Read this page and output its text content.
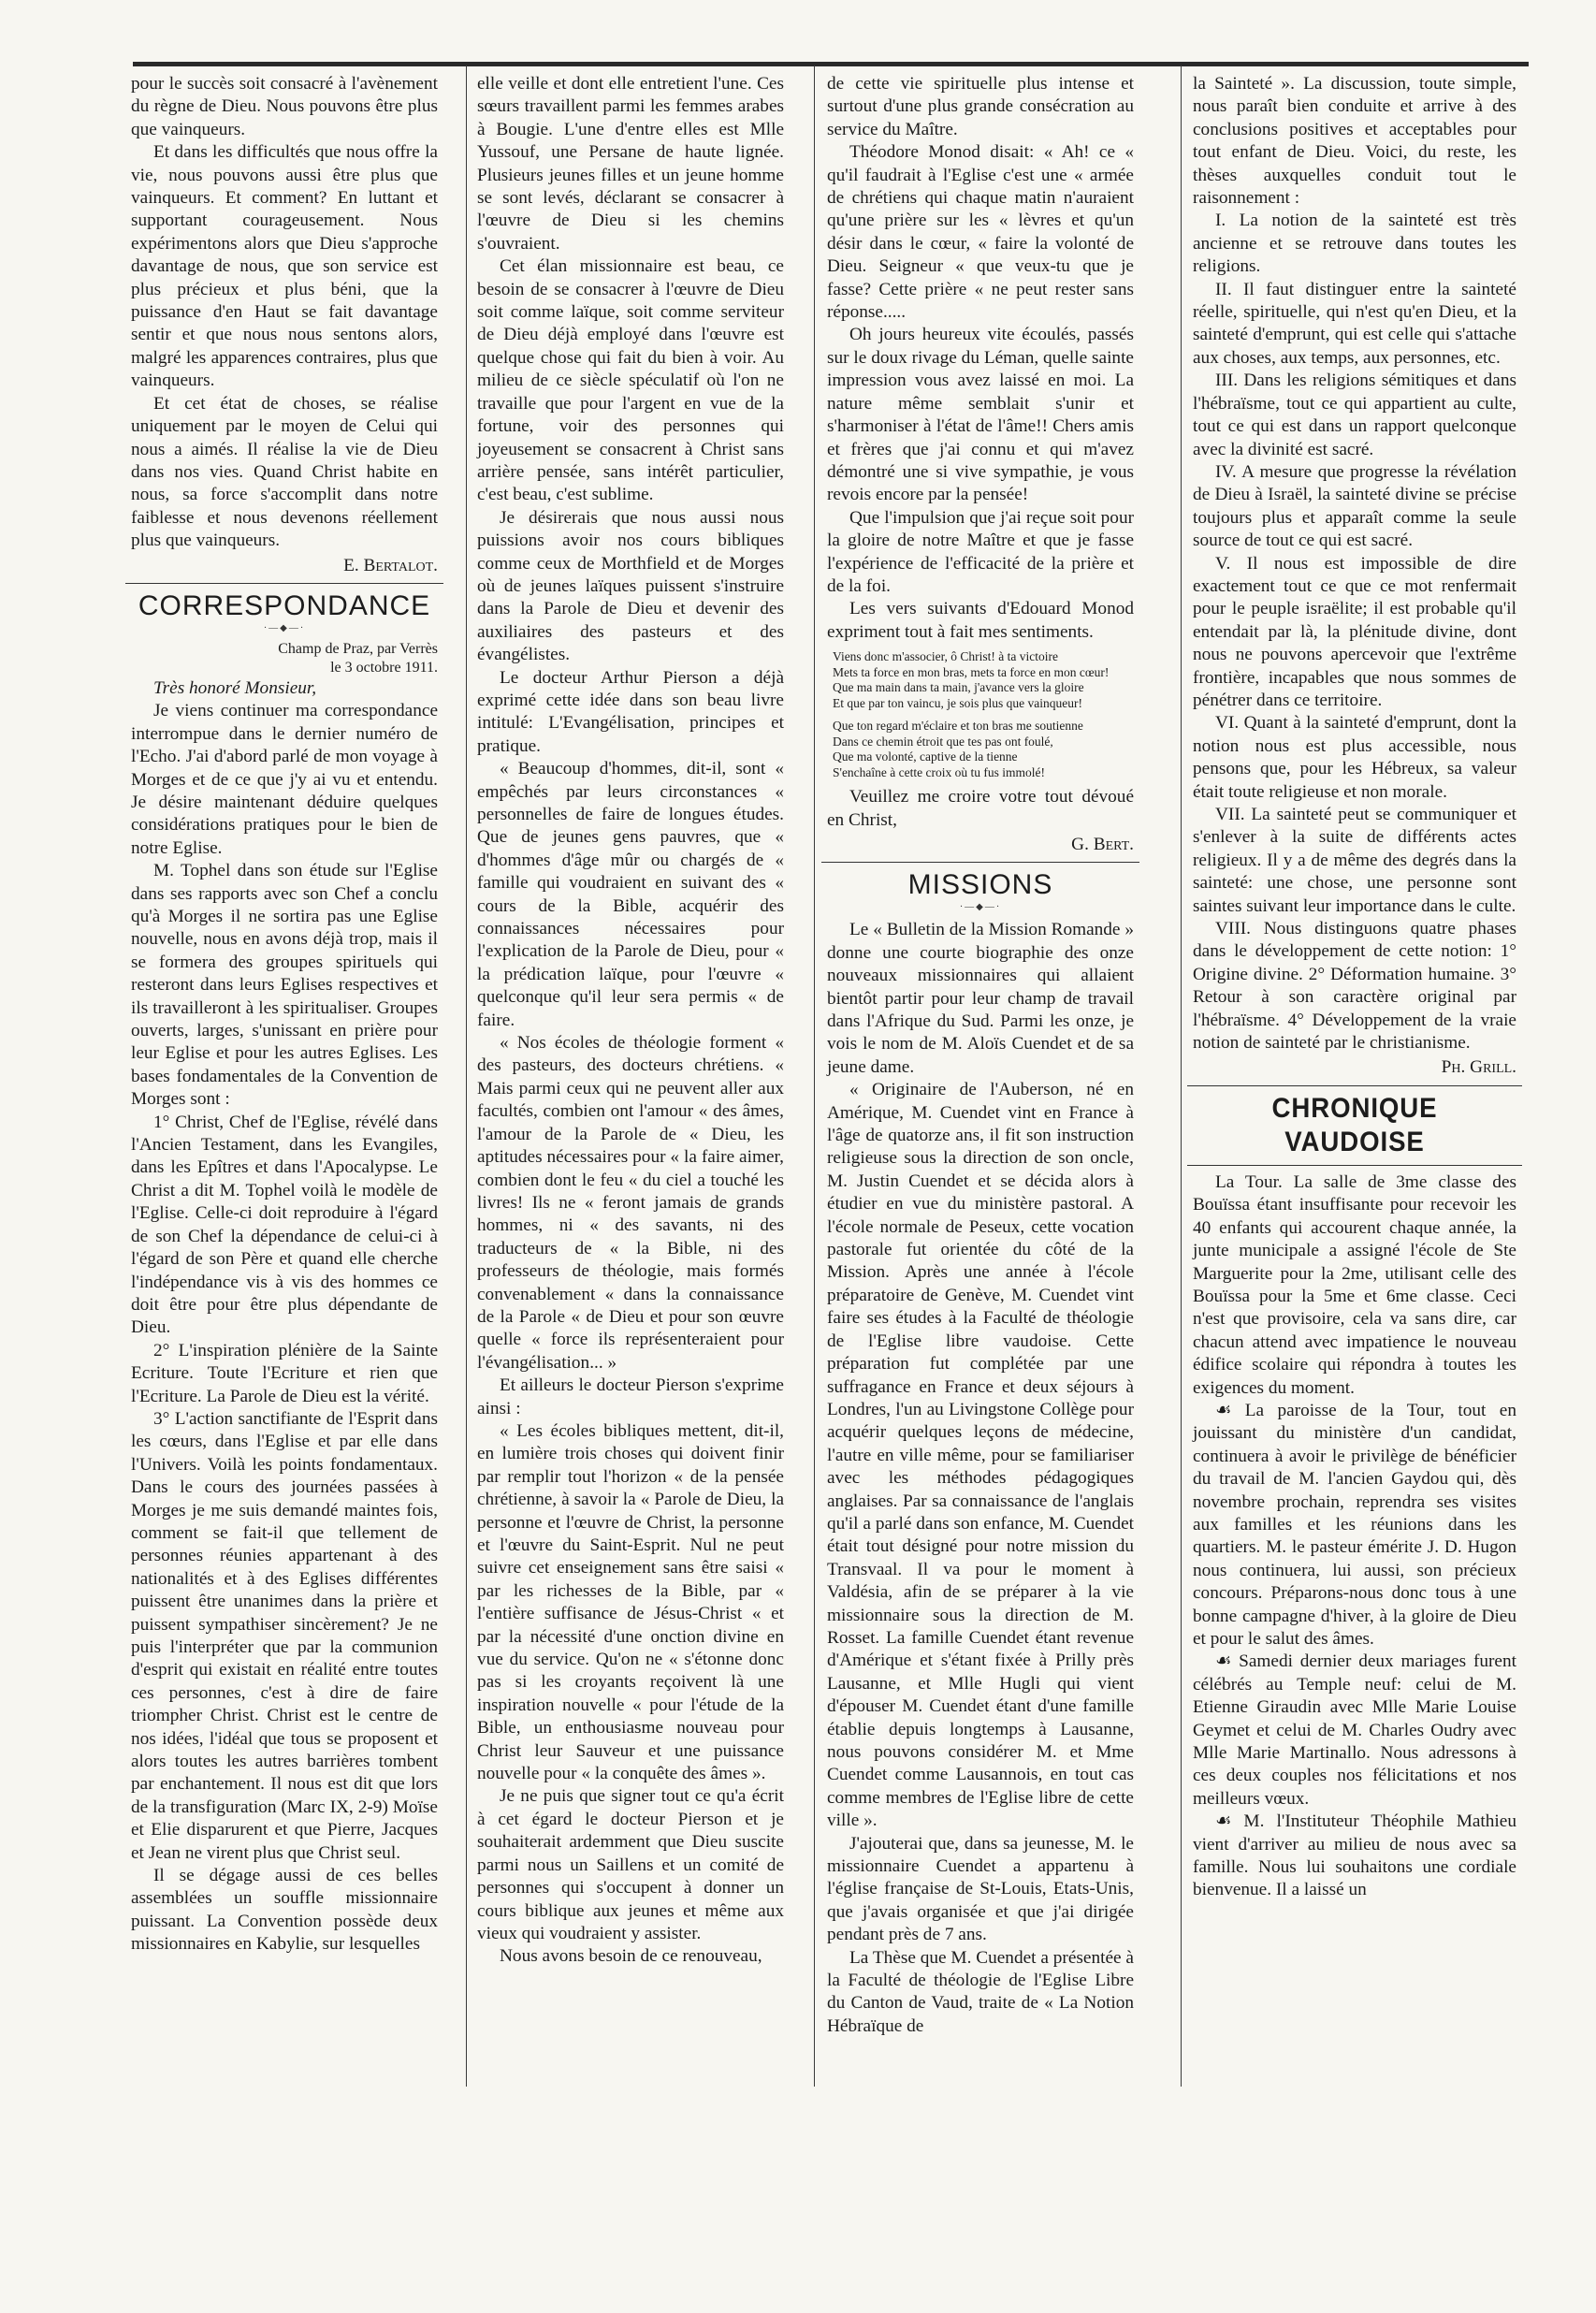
pour le succès soit consacré à l'avènement du règne de Dieu. Nous pouvons être plus que vainqueurs.

Et dans les difficultés que nous offre la vie, nous pouvons aussi être plus que vainqueurs. Et comment? En luttant et supportant courageusement. Nous expérimentons alors que Dieu s'approche davantage de nous, que son service est plus précieux et plus béni, que la puissance d'en Haut se fait davantage sentir et que nous nous sentons alors, malgré les apparences contraires, plus que vainqueurs.

Et cet état de choses, se réalise uniquement par le moyen de Celui qui nous a aimés. Il réalise la vie de Dieu dans nos vies. Quand Christ habite en nous, sa force s'accomplit dans notre faiblesse et nous devenons réellement plus que vainqueurs.

E. Bertalot.
CORRESPONDANCE
·—◆—·
Champ de Praz, par Verrès
le 3 octobre 1911.

Très honoré Monsieur,

Je viens continuer ma correspondance interrompue dans le dernier numéro de l'Echo. J'ai d'abord parlé de mon voyage à Morges et de ce que j'y ai vu et entendu. Je désire maintenant déduire quelques considérations pratiques pour le bien de notre Eglise.

M. Tophel dans son étude sur l'Eglise dans ses rapports avec son Chef a conclu qu'à Morges il ne sortira pas une Eglise nouvelle, nous en avons déjà trop, mais il se formera des groupes spirituels qui resteront dans leurs Eglises respectives et ils travailleront à les spiritualiser. Groupes ouverts, larges, s'unissant en prière pour leur Eglise et pour les autres Eglises. Les bases fondamentales de la Convention de Morges sont :

1° Christ, Chef de l'Eglise, révélé dans l'Ancien Testament, dans les Evangiles, dans les Epîtres et dans l'Apocalypse. Le Christ a dit M. Tophel voilà le modèle de l'Eglise. Celle-ci doit reproduire à l'égard de son Chef la dépendance de celui-ci à l'égard de son Père et quand elle cherche l'indépendance vis à vis des hommes ce doit être pour être plus dépendante de Dieu.

2° L'inspiration plénière de la Sainte Ecriture. Toute l'Ecriture et rien que l'Ecriture. La Parole de Dieu est la vérité.

3° L'action sanctifiante de l'Esprit dans les cœurs, dans l'Eglise et par elle dans l'Univers. Voilà les points fondamentaux. Dans le cours des journées passées à Morges je me suis demandé maintes fois, comment se fait-il que tellement de personnes réunies appartenant à des nationalités et à des Eglises différentes puissent être unanimes dans la prière et puissent sympathiser sincèrement? Je ne puis l'interpréter que par la communion d'esprit qui existait en réalité entre toutes ces personnes, c'est à dire de faire triompher Christ. Christ est le centre de nos idées, l'idéal que tous se proposent et alors toutes les autres barrières tombent par enchantement. Il nous est dit que lors de la transfiguration (Marc IX, 2-9) Moïse et Elie disparurent et que Pierre, Jacques et Jean ne virent plus que Christ seul.

Il se dégage aussi de ces belles assemblées un souffle missionnaire puissant. La Convention possède deux missionnaires en Kabylie, sur lesquelles

elle veille et dont elle entretient l'une. Ces sœurs travaillent parmi les femmes arabes à Bougie. L'une d'entre elles est Mlle Yussouf, une Persane de haute lignée. Plusieurs jeunes filles et un jeune homme se sont levés, déclarant se consacrer à l'œuvre de Dieu si les chemins s'ouvraient.

Cet élan missionnaire est beau, ce besoin de se consacrer à l'œuvre de Dieu soit comme laïque, soit comme serviteur de Dieu déjà employé dans l'œuvre est quelque chose qui fait du bien à voir. Au milieu de ce siècle spéculatif où l'on ne travaille que pour l'argent en vue de la fortune, voir des personnes qui joyeusement se consacrent à Christ sans arrière pensée, sans intérêt particulier, c'est beau, c'est sublime.

Je désirerais que nous aussi nous puissions avoir nos cours bibliques comme ceux de Morthfield et de Morges où de jeunes laïques puissent s'instruire dans la Parole de Dieu et devenir des auxiliaires des pasteurs et des évangélistes.

Le docteur Arthur Pierson a déjà exprimé cette idée dans son beau livre intitulé: L'Evangélisation, principes et pratique.

« Beaucoup d'hommes, dit-il, sont « empêchés par leurs circonstances « personnelles de faire de longues études. Que de jeunes gens pauvres, que « d'hommes d'âge mûr ou chargés de « famille qui voudraient en suivant des « cours de la Bible, acquérir des connaissances nécessaires pour l'explication de la Parole de Dieu, pour « la prédication laïque, pour l'œuvre « quelconque qu'il leur sera permis « de faire.

« Nos écoles de théologie forment « des pasteurs, des docteurs chrétiens. « Mais parmi ceux qui ne peuvent aller aux facultés, combien ont l'amour « des âmes, l'amour de la Parole de « Dieu, les aptitudes nécessaires pour « la faire aimer, combien dont le feu « du ciel a touché les livres! Ils ne « feront jamais de grands hommes, ni « des savants, ni des traducteurs de « la Bible, ni des professeurs de théologie, mais formés convenablement « dans la connaissance de la Parole « de Dieu et pour son œuvre quelle « force ils représenteraient pour l'évangélisation... »

Et ailleurs le docteur Pierson s'exprime ainsi :

« Les écoles bibliques mettent, dit-il, en lumière trois choses qui doivent finir par remplir tout l'horizon « de la pensée chrétienne, à savoir la « Parole de Dieu, la personne et l'œuvre de Christ, la personne et l'œuvre du Saint-Esprit. Nul ne peut suivre cet enseignement sans être saisi « par les richesses de la Bible, par « l'entière suffisance de Jésus-Christ « et par la nécessité d'une onction divine en vue du service. Qu'on ne « s'étonne donc pas si les croyants reçoivent là une inspiration nouvelle « pour l'étude de la Bible, un enthousiasme nouveau pour Christ leur Sauveur et une puissance nouvelle pour « la conquête des âmes ».

Je ne puis que signer tout ce qu'a écrit à cet égard le docteur Pierson et je souhaiterait ardemment que Dieu suscite parmi nous un Saillens et un comité de personnes qui s'occupent à donner un cours biblique aux jeunes et même aux vieux qui voudraient y assister.

Nous avons besoin de ce renouveau,

de cette vie spirituelle plus intense et surtout d'une plus grande consécration au service du Maître.

Théodore Monod disait: « Ah! ce « qu'il faudrait à l'Eglise c'est une « armée de chrétiens qui chaque matin n'auraient qu'une prière sur les « lèvres et qu'un désir dans le cœur, « faire la volonté de Dieu. Seigneur « que veux-tu que je fasse? Cette prière « ne peut rester sans réponse.....

Oh jours heureux vite écoulés, passés sur le doux rivage du Léman, quelle sainte impression vous avez laissé en moi. La nature même semblait s'unir et s'harmoniser à l'état de l'âme!! Chers amis et frères que j'ai connu et qui m'avez démontré une si vive sympathie, je vous revois encore par la pensée!

Que l'impulsion que j'ai reçue soit pour la gloire de notre Maître et que je fasse l'expérience de l'efficacité de la prière et de la foi.

Les vers suivants d'Edouard Monod expriment tout à fait mes sentiments.

Viens donc m'associer, ô Christ! à ta victoire
Mets ta force en mon bras, mets ta force en mon cœur!
Que ma main dans ta main, j'avance vers la gloire
Et que par ton vaincu, je sois plus que vainqueur!
Que ton regard m'éclaire et ton bras me soutienne
Dans ce chemin étroit que tes pas ont foulé,
Que ma volonté, captive de la tienne
S'enchaîne à cette croix où tu fus immolé!

Veuillez me croire votre tout dévoué en Christ,

G. Bert.
MISSIONS
·—◆—·

Le « Bulletin de la Mission Romande » donne une courte biographie des onze nouveaux missionnaires qui allaient bientôt partir pour leur champ de travail dans l'Afrique du Sud. Parmi les onze, je vois le nom de M. Aloïs Cuendet et de sa jeune dame.

« Originaire de l'Auberson, né en Amérique, M. Cuendet vint en France à l'âge de quatorze ans, il fit son instruction religieuse sous la direction de son oncle, M. Justin Cuendet et se décida alors à étudier en vue du ministère pastoral. A l'école normale de Peseux, cette vocation pastorale fut orientée du côté de la Mission. Après une année à l'école préparatoire de Genève, M. Cuendet vint faire ses études à la Faculté de théologie de l'Eglise libre vaudoise. Cette préparation fut complétée par une suffragance en France et deux séjours à Londres, l'un au Livingstone Collège pour acquérir quelques leçons de médecine, l'autre en ville même, pour se familiariser avec les méthodes pédagogiques anglaises. Par sa connaissance de l'anglais qu'il a parlé dans son enfance, M. Cuendet était tout désigné pour notre mission du Transvaal. Il va pour le moment à Valdésia, afin de se préparer à la vie missionnaire sous la direction de M. Rosset. La famille Cuendet étant revenue d'Amérique et s'étant fixée à Prilly près Lausanne, et Mlle Hugli qui vient d'épouser M. Cuendet étant d'une famille établie depuis longtemps à Lausanne, nous pouvons considérer M. et Mme Cuendet comme Lausannois, en tout cas comme membres de l'Eglise libre de cette ville ».

J'ajouterai que, dans sa jeunesse, M. le missionnaire Cuendet a appartenu à l'église française de St-Louis, Etats-Unis, que j'avais organisée et que j'ai dirigée pendant près de 7 ans.

La Thèse que M. Cuendet a présentée à la Faculté de théologie de l'Eglise Libre du Canton de Vaud, traite de « La Notion Hébraïque de

la Sainteté ». La discussion, toute simple, nous paraît bien conduite et arrive à des conclusions positives et acceptables pour tout enfant de Dieu. Voici, du reste, les thèses auxquelles conduit tout le raisonnement :

I. La notion de la sainteté est très ancienne et se retrouve dans toutes les religions.

II. Il faut distinguer entre la sainteté réelle, spirituelle, qui n'est qu'en Dieu, et la sainteté d'emprunt, qui est celle qui s'attache aux choses, aux temps, aux personnes, etc.

III. Dans les religions sémitiques et dans l'hébraïsme, tout ce qui appartient au culte, tout ce qui est dans un rapport quelconque avec la divinité est sacré.

IV. A mesure que progresse la révélation de Dieu à Israël, la sainteté divine se précise toujours plus et apparaît comme la seule source de tout ce qui est sacré.

V. Il nous est impossible de dire exactement tout ce que ce mot renfermait pour le peuple israëlite; il est probable qu'il entendait par là, la plénitude divine, dont nous ne pouvons apercevoir que l'extrême frontière, incapables que nous sommes de pénétrer dans ce territoire.

VI. Quant à la sainteté d'emprunt, dont la notion nous est plus accessible, nous pensons que, pour les Hébreux, sa valeur était toute religieuse et non morale.

VII. La sainteté peut se communiquer et s'enlever à la suite de différents actes religieux. Il y a de même des degrés dans la sainteté: une chose, une personne sont saintes suivant leur importance dans le culte.

VIII. Nous distinguons quatre phases dans le développement de cette notion: 1° Origine divine. 2° Déformation humaine. 3° Retour à son caractère original par l'hébraïsme. 4° Développement de la vraie notion de sainteté par le christianisme.

Ph. Grill.
CHRONIQUE VAUDOISE

La Tour. La salle de 3me classe des Bouïssa étant insuffisante pour recevoir les 40 enfants qui accourent chaque année, la junte municipale a assigné l'école de Ste Marguerite pour la 2me, utilisant celle des Bouïssa pour la 5me et 6me classe. Ceci n'est que provisoire, cela va sans dire, car chacun attend avec impatience le nouveau édifice scolaire qui répondra à toutes les exigences du moment.

☙ La paroisse de la Tour, tout en jouissant du ministère d'un candidat, continuera à avoir le privilège de bénéficier du travail de M. l'ancien Gaydou qui, dès novembre prochain, reprendra ses visites aux familles et les réunions dans les quartiers. M. le pasteur émérite J. D. Hugon nous continuera, lui aussi, son précieux concours. Préparons-nous donc tous à une bonne campagne d'hiver, à la gloire de Dieu et pour le salut des âmes.

☙ Samedi dernier deux mariages furent célébrés au Temple neuf: celui de M. Etienne Giraudin avec Mlle Marie Louise Geymet et celui de M. Charles Oudry avec Mlle Marie Martinallo. Nous adressons à ces deux couples nos félicitations et nos meilleurs vœux.

☙ M. l'Instituteur Théophile Mathieu vient d'arriver au milieu de nous avec sa famille. Nous lui souhaitons une cordiale bienvenue. Il a laissé un
